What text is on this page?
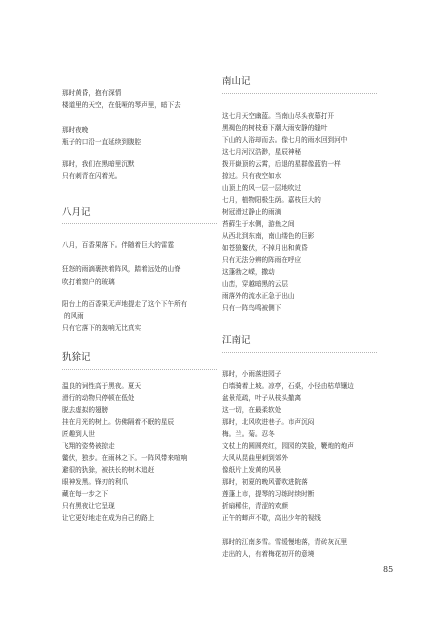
那时黄昏，抱有深情
楼道里的天空，在低哑的琴声里，暗下去
那时夜晚
瓶子的口沿一直延续到腹腔
那时，我们在黑暗里沉默
只有刺青在闪着光。
八月记
八月，百香果落下。伴随着巨大的雷霆
狂怒的雨滴裹挟着阵风，踏着远处的山脊
吹打着窗户的玻璃
阳台上的百香果无声地提走了这个下午所有
的风雨
只有它落下的轰响无比真实
犰狳记
温良的词性高于黑夜。夏天
滑行的动物只停顿在低处
脱去虚拟的翅膀
挂在月光的树上。仿佛隔着不眠的星辰
匠趣到人世
飞翔的姿势被掠走
鳖伏，独步。在雨林之下。一阵风带来喧响
避很的犰狳，被扶长的树木追赶
眼神发黑。锋刃的利爪
藏在每一步之下
只有黑夜让它呈现
让它更好地走在成为自己的路上
南山记
这七月天空幽蓝。当南山尽头夜幕打开
黑褐色的树枝垂下潮大雨安静的缝叶
下山的人浴却而去。像七月的雨水回到河中
这七月河汉浩渺，星辰神秘
拨开嶽顶的云霄，后退的星群像蓝豹一样
掠过。只有夜空如水
山顶上的风一层一层地吹过
七月，植物阳极生荫。嘉枝巨大的
树冠滑过静止的雨滴
苔藓生于水侧，游鱼之间
从西北到东南，南山缕色的巨影
如苍狼鳌伏，不掉月出和黄昏
只有无法分辨的阵雨在呼应
这蓬勃之嵘，撒动
山峦，穿越暗黑的云层
雨落外的流水正急于出山
只有一阵鸟鸣被侧下
江南记
那时，小雨落进园子
白墙骑着上坡。凉亭，石桌，小径由枯草镶边
盆景荒疏，叶子从枝头撤离
这一切，在最柔软处
那时，北风吹进巷子。市声沉闷
梅。兰。菊。忍冬
文杖上的圆圆亮红，园园的笑脸，鞭炮的炮声
大风从昆曲里刺到郊外
像纸片上发黄的风景
那时，初夏的晚风蕾吹进院落
莲蓬上市，提琴的习练时续时断
折扇稀住，青涩的欢颜
正午的蟀声不歇，高出少年的视线
那时的江南多雪。雪缓慢地落，青砖灰瓦里
走出的人，有着梅花初开的意境
85
